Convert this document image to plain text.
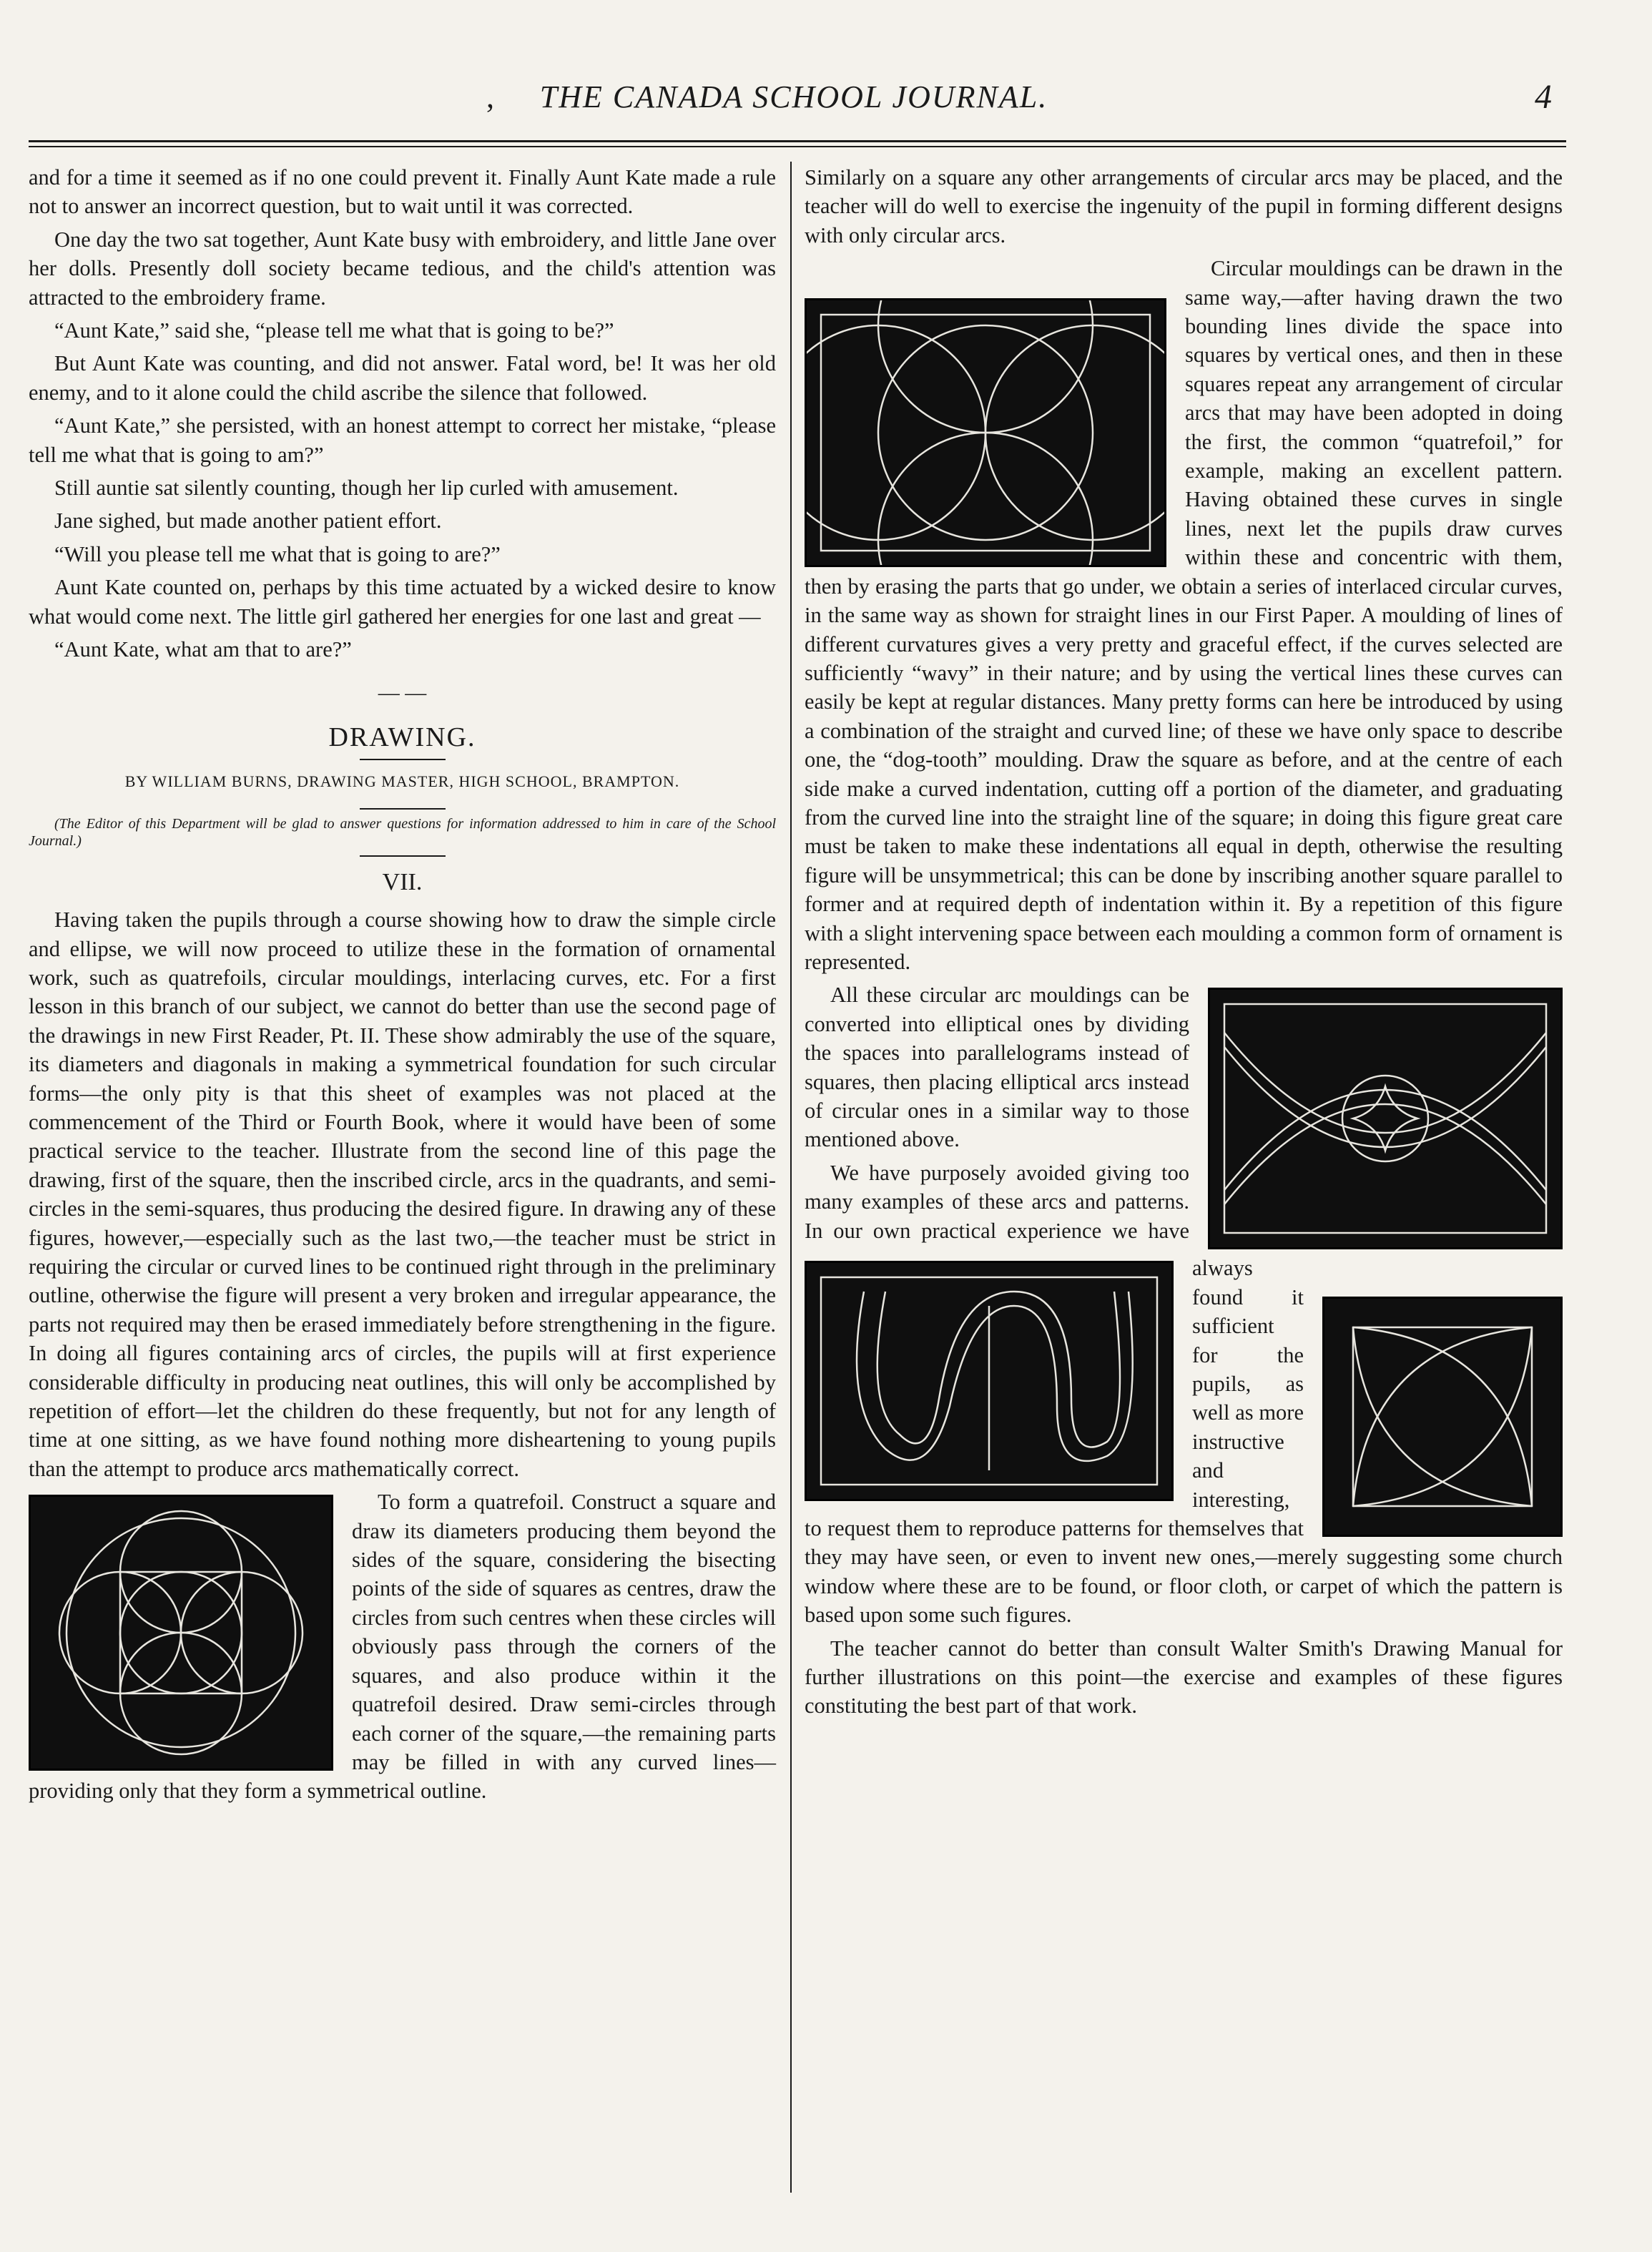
,	THE CANADA SCHOOL JOURNAL.	4

and for a time it seemed as if no one could prevent it. Finally Aunt Kate made a rule not to answer an incorrect question, but to wait until it was corrected.

One day the two sat together, Aunt Kate busy with embroidery, and little Jane over her dolls. Presently doll society became tedious, and the child's attention was attracted to the embroidery frame.

“Aunt Kate,” said she, “please tell me what that is going to be?”

But Aunt Kate was counting, and did not answer. Fatal word, be! It was her old enemy, and to it alone could the child ascribe the silence that followed.

“Aunt Kate,” she persisted, with an honest attempt to correct her mistake, “please tell me what that is going to am?”

Still auntie sat silently counting, though her lip curled with amusement.

Jane sighed, but made another patient effort.

“Will you please tell me what that is going to are?”

Aunt Kate counted on, perhaps by this time actuated by a wicked desire to know what would come next. The little girl gathered her energies for one last and great —

“Aunt Kate, what am that to are?”

— —
DRAWING.
BY WILLIAM BURNS, DRAWING MASTER, HIGH SCHOOL, BRAMPTON.

(The Editor of this Department will be glad to answer questions for information addressed to him in care of the School Journal.)

VII.

Having taken the pupils through a course showing how to draw the simple circle and ellipse, we will now proceed to utilize these in the formation of ornamental work, such as quatrefoils, circular mouldings, interlacing curves, etc. For a first lesson in this branch of our subject, we cannot do better than use the second page of the drawings in new First Reader, Pt. II. These show admirably the use of the square, its diameters and diagonals in making a symmetrical foundation for such circular forms—the only pity is that this sheet of examples was not placed at the commencement of the Third or Fourth Book, where it would have been of some practical service to the teacher. Illustrate from the second line of this page the drawing, first of the square, then the inscribed circle, arcs in the quadrants, and semi-circles in the semi-squares, thus producing the desired figure. In drawing any of these figures, however,—especially such as the last two,—the teacher must be strict in requiring the circular or curved lines to be continued right through in the preliminary outline, otherwise the figure will present a very broken and irregular appearance, the parts not required may then be erased immediately before strengthening in the figure. In doing all figures containing arcs of circles, the pupils will at first experience considerable difficulty in producing neat outlines, this will only be accomplished by repetition of effort—let the children do these frequently, but not for any length of time at one sitting, as we have found nothing more disheartening to young pupils than the attempt to produce arcs mathematically correct.

To form a quatrefoil. Construct a square and draw its diameters producing them beyond the sides of the square, considering the bisecting points of the side of squares as centres, draw the circles from such centres when these circles will obviously pass through the corners of the squares, and also produce within it the quatrefoil desired. Draw semi-circles through each corner of the square,—the remaining parts may be filled in with any curved lines—providing only that they form a symmetrical outline.

Similarly on a square any other arrangements of circular arcs may be placed, and the teacher will do well to exercise the ingenuity of the pupil in forming different designs with only circular arcs.

Circular mouldings can be drawn in the same way,—after having drawn the two bounding lines divide the space into squares by vertical ones, and then in these squares repeat any arrangement of circular arcs that may have been adopted in doing the first, the common “quatrefoil,” for example, making an excellent pattern. Having obtained these curves in single lines, next let the pupils draw curves within these and concentric with them, then by erasing the parts that go under, we obtain a series of interlaced circular curves, in the same way as shown for straight lines in our First Paper. A moulding of lines of different curvatures gives a very pretty and graceful effect, if the curves selected are sufficiently “wavy” in their nature; and by using the vertical lines these curves can easily be kept at regular distances. Many pretty forms can here be introduced by using a combination of the straight and curved line; of these we have only space to describe one, the “dog-tooth” moulding. Draw the square as before, and at the centre of each side make a curved indentation, cutting off a portion of the diameter, and graduating from the curved line into the straight line of the square; in doing this figure great care must be taken to make these indentations all equal in depth, otherwise the resulting figure will be unsymmetrical; this can be done by inscribing another square parallel to former and at required depth of indentation within it. By a repetition of this figure with a slight intervening space between each moulding a common form of ornament is represented.

All these circular arc mouldings can be converted into elliptical ones by dividing the spaces into parallelograms instead of squares, then placing elliptical arcs instead of circular ones in a similar way to those mentioned above.

We have purposely avoided giving too many examples of these arcs and patterns. In our own practical experience we have always found it sufficient for the pupils, as well as more instructive and interesting, to request them to reproduce patterns for themselves that they may have seen, or even to invent new ones,—merely suggesting some church window where these are to be found, or floor cloth, or carpet of which the pattern is based upon some such figures.

The teacher cannot do better than consult Walter Smith's Drawing Manual for further illustrations on this point—the exercise and examples of these figures constituting the best part of that work.
